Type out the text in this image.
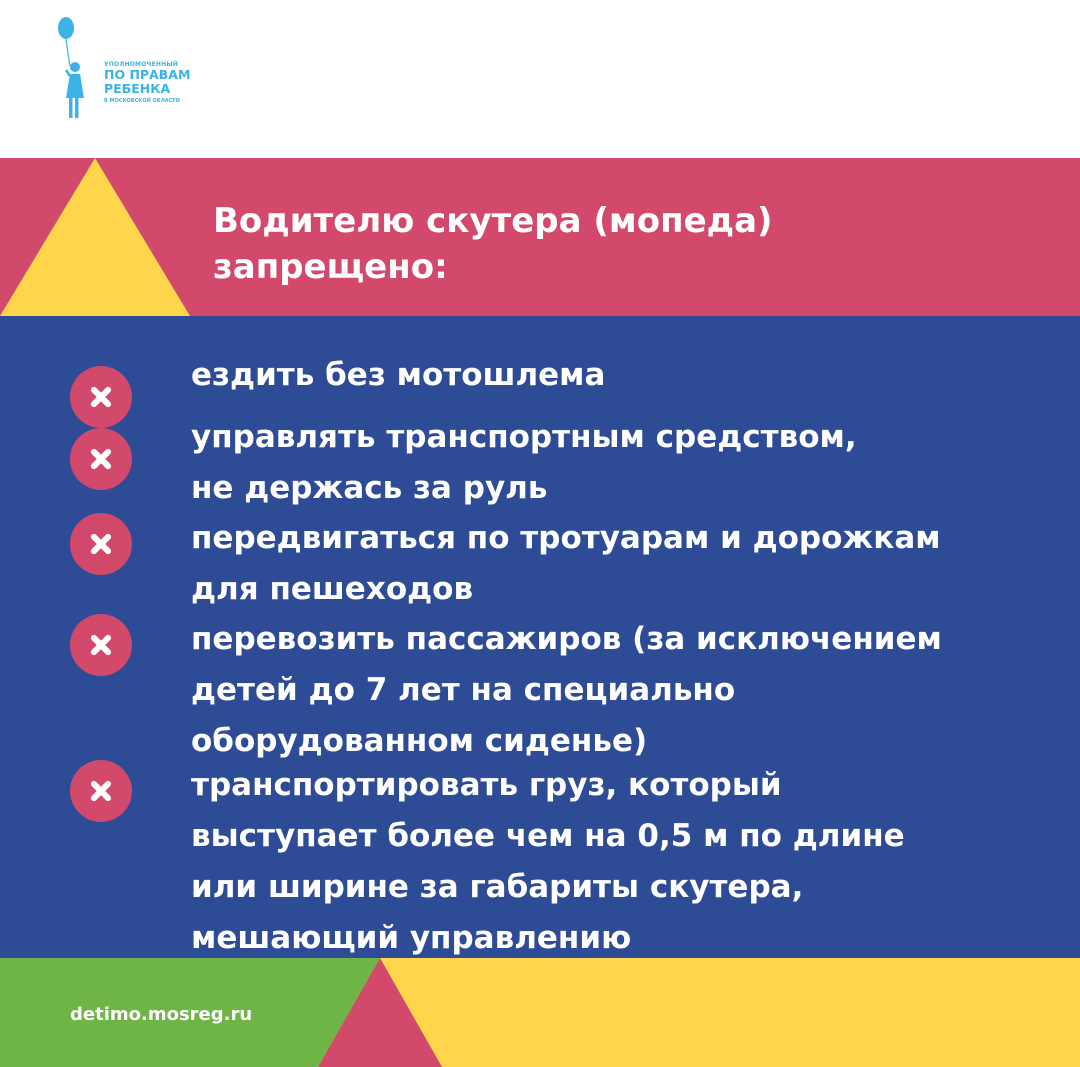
УПОЛНОМОЧЕННЫЙ
ПО ПРАВАМ
РЕБЕНКА
В МОСКОВСКОЙ ОБЛАСТИ
Водителю скутера (мопеда)
запрещено:
ездить без мотошлема
управлять транспортным средством,
не держась за руль
передвигаться по тротуарам и дорожкам
для пешеходов
перевозить пассажиров (за исключением
детей до 7 лет на специально
оборудованном сиденье)
транспортировать груз, который
выступает более чем на 0,5 м по длине
или ширине за габариты скутера,
мешающий управлению
detimo.mosreg.ru
